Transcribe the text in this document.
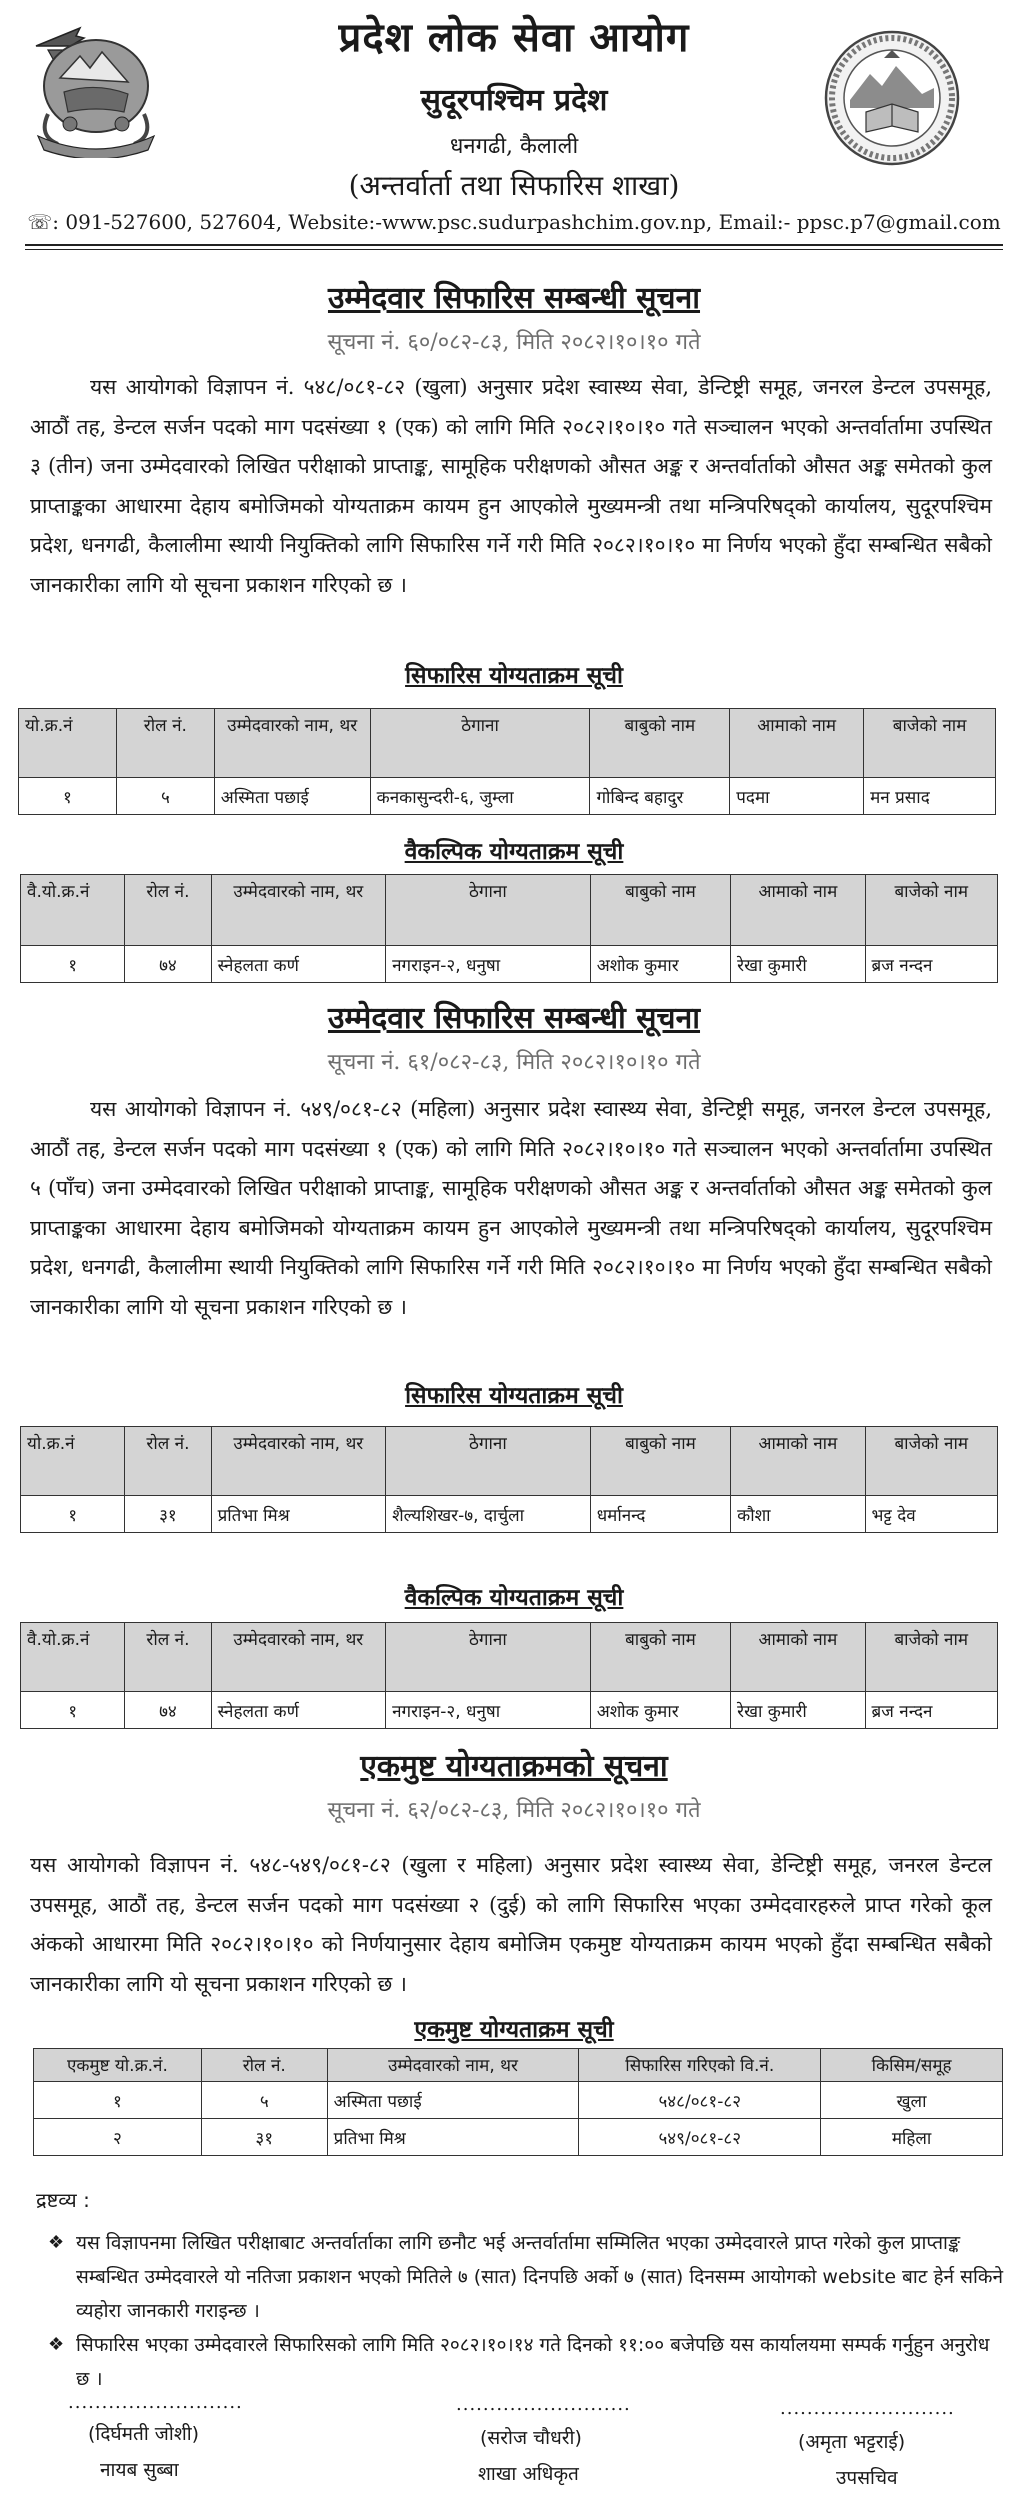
प्रदेश लोक सेवा आयोग
सुदूरपश्चिम प्रदेश
धनगढी, कैलाली
(अन्तर्वार्ता तथा सिफारिस शाखा)
☏: 091-527600, 527604, Website:-www.psc.sudurpashchim.gov.np, Email:- ppsc.p7@gmail.com
उम्मेदवार सिफारिस सम्बन्धी सूचना
सूचना नं. ६०/०८२-८३, मिति २०८२।१०।१० गते
यस आयोगको विज्ञापन नं. ५४८/०८१-८२ (खुला) अनुसार प्रदेश स्वास्थ्य सेवा, डेन्टिष्ट्री समूह, जनरल डेन्टल उपसमूह, आठौं तह, डेन्टल सर्जन पदको माग पदसंख्या १ (एक) को लागि मिति २०८२।१०।१० गते सञ्चालन भएको अन्तर्वार्तामा उपस्थित ३ (तीन) जना उम्मेदवारको लिखित परीक्षाको प्राप्ताङ्क, सामूहिक परीक्षणको औसत अङ्क र अन्तर्वार्ताको औसत अङ्क समेतको कुल प्राप्ताङ्कका आधारमा देहाय बमोजिमको योग्यताक्रम कायम हुन आएकोले मुख्यमन्त्री तथा मन्त्रिपरिषद्को कार्यालय, सुदूरपश्चिम प्रदेश, धनगढी, कैलालीमा स्थायी नियुक्तिको लागि सिफारिस गर्ने गरी मिति २०८२।१०।१० मा निर्णय भएको हुँदा सम्बन्धित सबैको जानकारीका लागि यो सूचना प्रकाशन गरिएको छ ।
सिफारिस योग्यताक्रम सूची
यो.क्र.नं	रोल नं.	उम्मेदवारको नाम, थर	ठेगाना	बाबुको नाम	आमाको नाम	बाजेको नाम
१	५	अस्मिता पछाई	कनकासुन्दरी-६, जुम्ला	गोबिन्द बहादुर	पदमा	मन प्रसाद
वैकल्पिक योग्यताक्रम सूची
वै.यो.क्र.नं	रोल नं.	उम्मेदवारको नाम, थर	ठेगाना	बाबुको नाम	आमाको नाम	बाजेको नाम
१	७४	स्नेहलता कर्ण	नगराइन-२, धनुषा	अशोक कुमार	रेखा कुमारी	ब्रज नन्दन
उम्मेदवार सिफारिस सम्बन्धी सूचना
सूचना नं. ६१/०८२-८३, मिति २०८२।१०।१० गते
यस आयोगको विज्ञापन नं. ५४९/०८१-८२ (महिला) अनुसार प्रदेश स्वास्थ्य सेवा, डेन्टिष्ट्री समूह, जनरल डेन्टल उपसमूह, आठौं तह, डेन्टल सर्जन पदको माग पदसंख्या १ (एक) को लागि मिति २०८२।१०।१० गते सञ्चालन भएको अन्तर्वार्तामा उपस्थित ५ (पाँच) जना उम्मेदवारको लिखित परीक्षाको प्राप्ताङ्क, सामूहिक परीक्षणको औसत अङ्क र अन्तर्वार्ताको औसत अङ्क समेतको कुल प्राप्ताङ्कका आधारमा देहाय बमोजिमको योग्यताक्रम कायम हुन आएकोले मुख्यमन्त्री तथा मन्त्रिपरिषद्को कार्यालय, सुदूरपश्चिम प्रदेश, धनगढी, कैलालीमा स्थायी नियुक्तिको लागि सिफारिस गर्ने गरी मिति २०८२।१०।१० मा निर्णय भएको हुँदा सम्बन्धित सबैको जानकारीका लागि यो सूचना प्रकाशन गरिएको छ ।
सिफारिस योग्यताक्रम सूची
यो.क्र.नं	रोल नं.	उम्मेदवारको नाम, थर	ठेगाना	बाबुको नाम	आमाको नाम	बाजेको नाम
१	३१	प्रतिभा मिश्र	शैल्यशिखर-७, दार्चुला	धर्मानन्द	कौशा	भट्ट देव
वैकल्पिक योग्यताक्रम सूची
वै.यो.क्र.नं	रोल नं.	उम्मेदवारको नाम, थर	ठेगाना	बाबुको नाम	आमाको नाम	बाजेको नाम
१	७४	स्नेहलता कर्ण	नगराइन-२, धनुषा	अशोक कुमार	रेखा कुमारी	ब्रज नन्दन
एकमुष्ट योग्यताक्रमको सूचना
सूचना नं. ६२/०८२-८३, मिति २०८२।१०।१० गते
यस आयोगको विज्ञापन नं. ५४८-५४९/०८१-८२ (खुला र महिला) अनुसार प्रदेश स्वास्थ्य सेवा, डेन्टिष्ट्री समूह, जनरल डेन्टल उपसमूह, आठौं तह, डेन्टल सर्जन पदको माग पदसंख्या २ (दुई) को लागि सिफारिस भएका उम्मेदवारहरुले प्राप्त गरेको कूल अंकको आधारमा मिति २०८२।१०।१० को निर्णयानुसार देहाय बमोजिम एकमुष्ट योग्यताक्रम कायम भएको हुँदा सम्बन्धित सबैको जानकारीका लागि यो सूचना प्रकाशन गरिएको छ ।
एकमुष्ट योग्यताक्रम सूची
एकमुष्ट यो.क्र.नं.	रोल नं.	उम्मेदवारको नाम, थर	सिफारिस गरिएको वि.नं.	किसिम/समूह
१	५	अस्मिता पछाई	५४८/०८१-८२	खुला
२	३१	प्रतिभा मिश्र	५४९/०८१-८२	महिला
द्रष्टव्य :
❖ यस विज्ञापनमा लिखित परीक्षाबाट अन्तर्वार्ताका लागि छनौट भई अन्तर्वार्तामा सम्मिलित भएका उम्मेदवारले प्राप्त गरेको कुल प्राप्ताङ्क सम्बन्धित उम्मेदवारले यो नतिजा प्रकाशन भएको मितिले ७ (सात) दिनपछि अर्को ७ (सात) दिनसम्म आयोगको website बाट हेर्न सकिने व्यहोरा जानकारी गराइन्छ ।
❖ सिफारिस भएका उम्मेदवारले सिफारिसको लागि मिति २०८२।१०।१४ गते दिनको ११:०० बजेपछि यस कार्यालयमा सम्पर्क गर्नुहुन अनुरोध छ ।
..........................
(दिर्घमती जोशी)
नायब सुब्बा
..........................
(सरोज चौधरी)
शाखा अधिकृत
..........................
(अमृता भट्टराई)
उपसचिव
